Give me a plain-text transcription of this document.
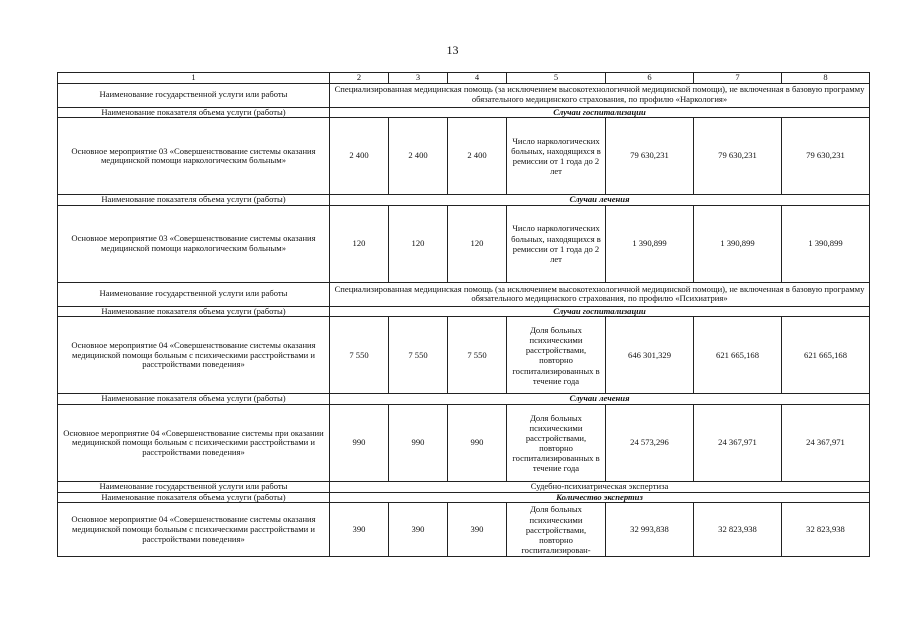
13
1	2	3	4	5	6	7	8
Наименование государственной услуги или работы	Специализированная медицинская помощь (за исключением высокотехнологичной медицинской помощи), не включенная в базовую программу обязательного медицинского страхования, по профилю «Наркология»						
Наименование показателя объема услуги (работы)	Случаи госпитализации						
Основное мероприятие 03 «Совершенствование системы оказания медицинской помощи наркологическим больным»	2 400	2 400	2 400	Число наркологических больных, находящихся в ремиссии от 1 года до 2 лет	79 630,231	79 630,231	79 630,231
Наименование показателя объема услуги (работы)	Случаи лечения						
Основное мероприятие 03 «Совершенствование системы оказания медицинской помощи наркологическим больным»	120	120	120	Число наркологических больных, находящихся в ремиссии от 1 года до 2 лет	1 390,899	1 390,899	1 390,899
Наименование государственной услуги или работы	Специализированная медицинская помощь (за исключением высокотехнологичной медицинской помощи), не включенная в базовую программу обязательного медицинского страхования, по профилю «Психиатрия»						
Наименование показателя объема услуги (работы)	Случаи госпитализации						
Основное мероприятие 04 «Совершенствование системы оказания медицинской помощи больным с психическими расстройствами и расстройствами поведения»	7 550	7 550	7 550	Доля больных психическими расстройствами, повторно госпитализированных в течение года	646 301,329	621 665,168	621 665,168
Наименование показателя объема услуги (работы)	Случаи лечения						
Основное мероприятие 04 «Совершенствование системы при оказании медицинской помощи больным с психическими расстройствами и расстройствами поведения»	990	990	990	Доля больных психическими расстройствами, повторно госпитализированных в течение года	24 573,296	24 367,971	24 367,971
Наименование государственной услуги или работы	Судебно-психиатрическая экспертиза						
Наименование показателя объема услуги (работы)	Количество экспертиз						
Основное мероприятие 04 «Совершенствование системы оказания медицинской помощи больным с психическими расстройствами и расстройствами поведения»	390	390	390	Доля больных психическими расстройствами, повторно госпитализирован-	32 993,838	32 823,938	32 823,938
